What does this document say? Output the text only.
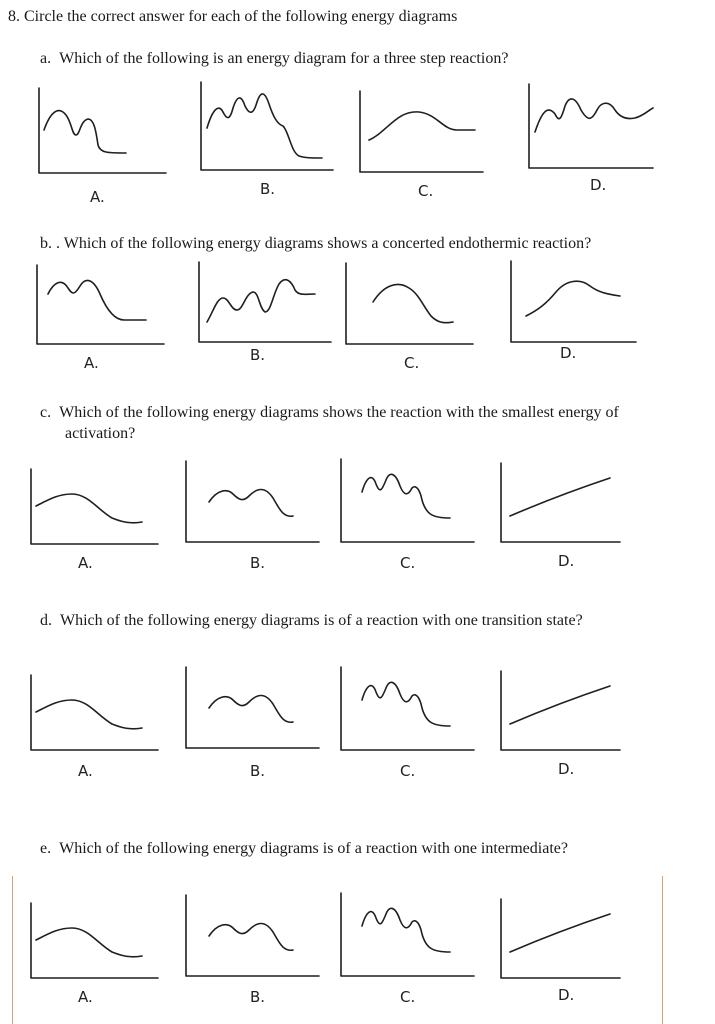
8. Circle the correct answer for each of the following energy diagrams
a. Which of the following is an energy diagram for a three step reaction?
A.	B.	C.	D.
b. . Which of the following energy diagrams shows a concerted endothermic reaction?
A.	B.	C.
D.
c. Which of the following energy diagrams shows the reaction with the smallest energy of
activation?
A.	B.	C.	D.
d. Which of the following energy diagrams is of a reaction with one transition state?
A.	B.	C.	D.
e. Which of the following energy diagrams is of a reaction with one intermediate?
A.	B.	C.	D.
